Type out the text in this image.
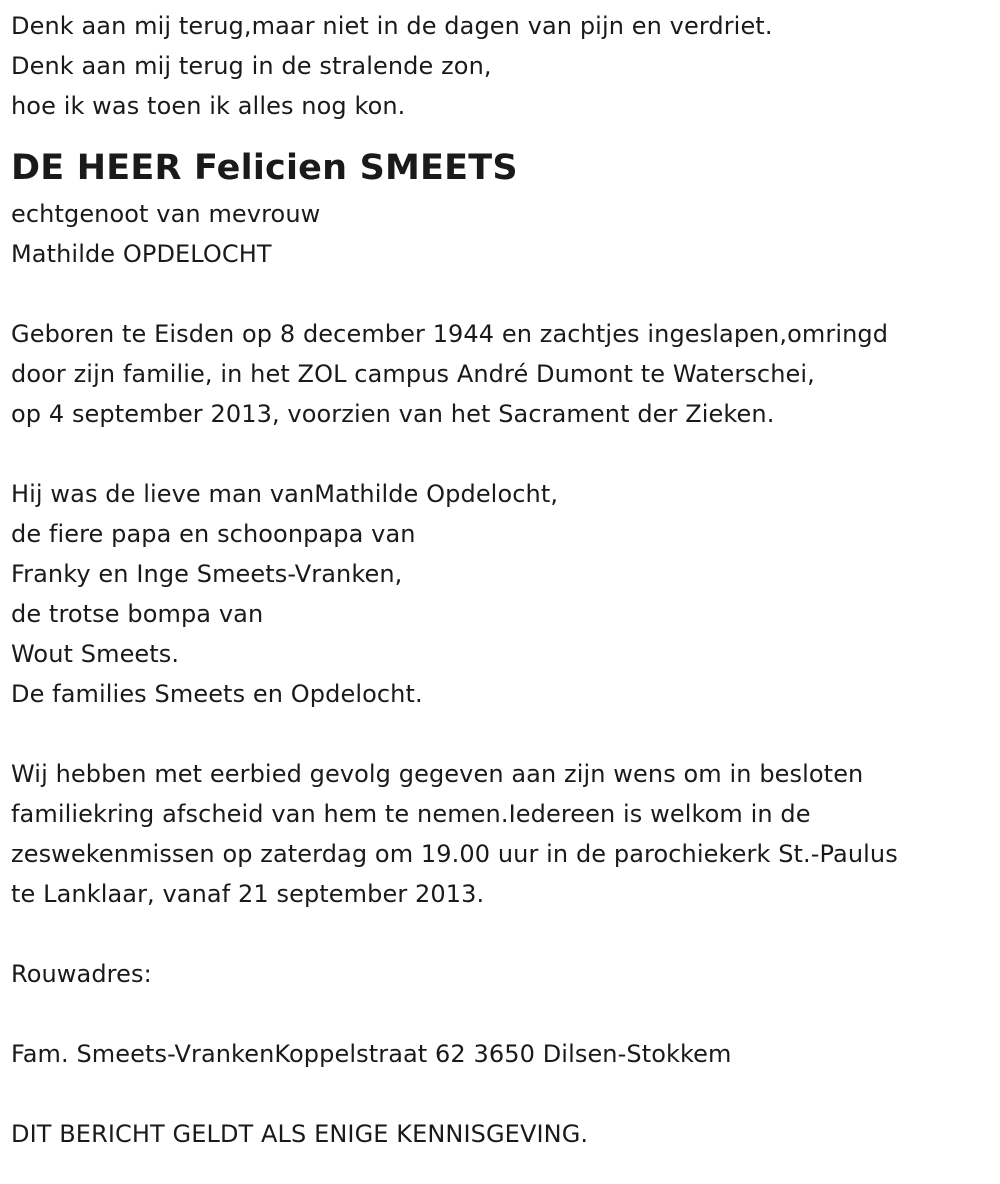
Denk aan mij terug,maar niet in de dagen van pijn en verdriet.
Denk aan mij terug in de stralende zon,
hoe ik was toen ik alles nog kon.
DE HEER Felicien SMEETS
echtgenoot van mevrouw
Mathilde OPDELOCHT
Geboren te Eisden op 8 december 1944 en zachtjes ingeslapen,omringd
door zijn familie, in het ZOL campus André Dumont te Waterschei,
op 4 september 2013, voorzien van het Sacrament der Zieken.
Hij was de lieve man vanMathilde Opdelocht,
de fiere papa en schoonpapa van
Franky en Inge Smeets-Vranken,
de trotse bompa van
Wout Smeets.
De families Smeets en Opdelocht.
Wij hebben met eerbied gevolg gegeven aan zijn wens om in besloten
familiekring afscheid van hem te nemen.Iedereen is welkom in de
zeswekenmissen op zaterdag om 19.00 uur in de parochiekerk St.-Paulus
te Lanklaar, vanaf 21 september 2013.
Rouwadres:
Fam. Smeets-VrankenKoppelstraat 62 3650 Dilsen-Stokkem
DIT BERICHT GELDT ALS ENIGE KENNISGEVING.
